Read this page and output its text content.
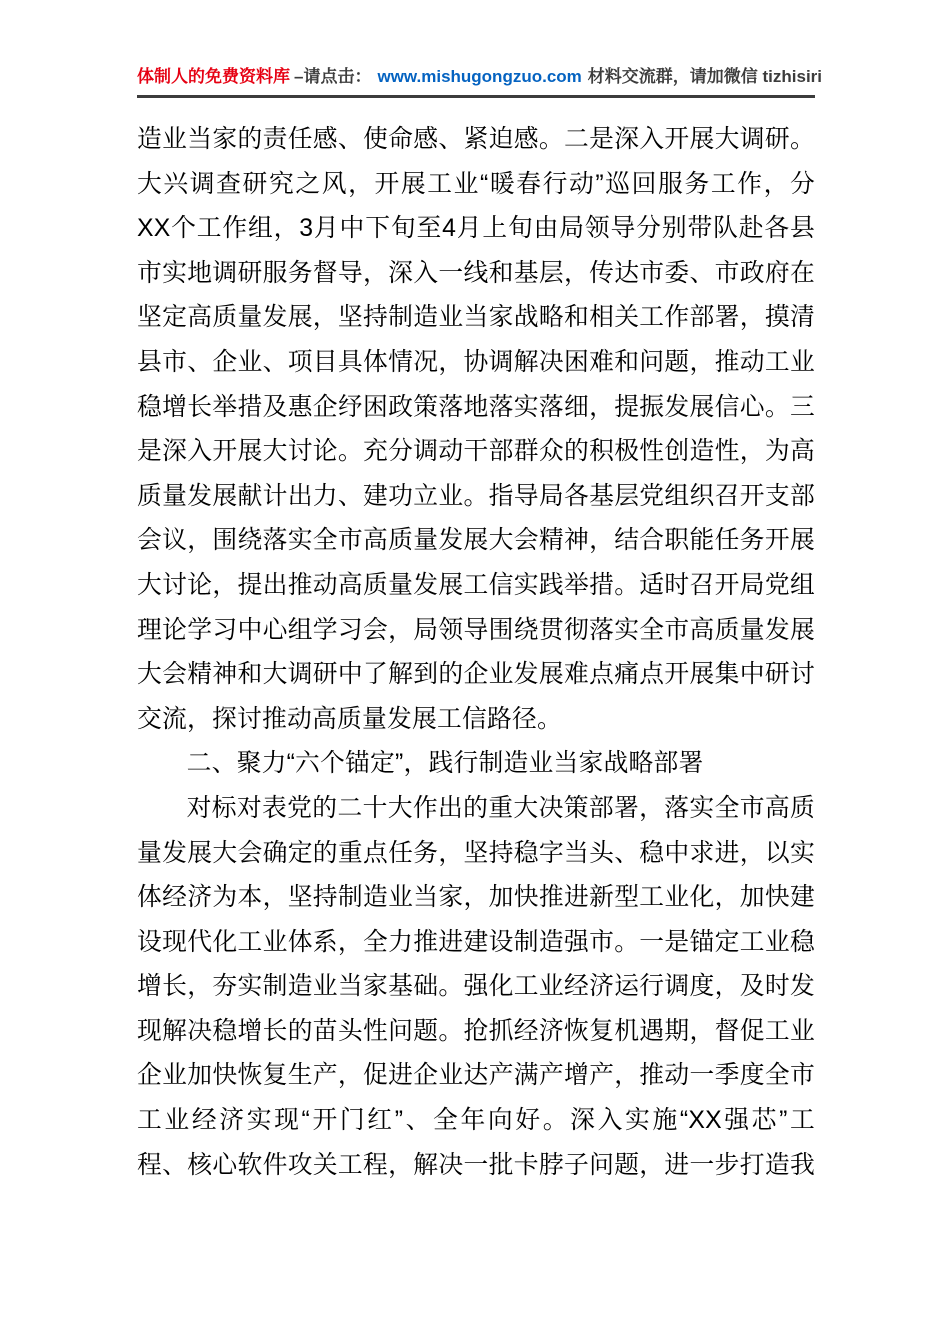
体制人的免费资料库 –请点击： www.mishugongzuo.com 材料交流群，请加微信 tizhisiri
造业当家的责任感、使命感、紧迫感。二是深入开展大调研。
大兴调查研究之风，开展工业“暖春行动”巡回服务工作，分
XX个工作组，3月中下旬至4月上旬由局领导分别带队赴各县
市实地调研服务督导，深入一线和基层，传达市委、市政府在
坚定高质量发展，坚持制造业当家战略和相关工作部署，摸清
县市、企业、项目具体情况，协调解决困难和问题，推动工业
稳增长举措及惠企纾困政策落地落实落细，提振发展信心。三
是深入开展大讨论。充分调动干部群众的积极性创造性，为高
质量发展献计出力、建功立业。指导局各基层党组织召开支部
会议，围绕落实全市高质量发展大会精神，结合职能任务开展
大讨论，提出推动高质量发展工信实践举措。适时召开局党组
理论学习中心组学习会，局领导围绕贯彻落实全市高质量发展
大会精神和大调研中了解到的企业发展难点痛点开展集中研讨
交流，探讨推动高质量发展工信路径。
二、聚力“六个锚定”，践行制造业当家战略部署
对标对表党的二十大作出的重大决策部署，落实全市高质
量发展大会确定的重点任务，坚持稳字当头、稳中求进，以实
体经济为本，坚持制造业当家，加快推进新型工业化，加快建
设现代化工业体系，全力推进建设制造强市。一是锚定工业稳
增长，夯实制造业当家基础。强化工业经济运行调度，及时发
现解决稳增长的苗头性问题。抢抓经济恢复机遇期，督促工业
企业加快恢复生产，促进企业达产满产增产，推动一季度全市
工业经济实现“开门红”、全年向好。深入实施“XX强芯”工
程、核心软件攻关工程，解决一批卡脖子问题，进一步打造我
